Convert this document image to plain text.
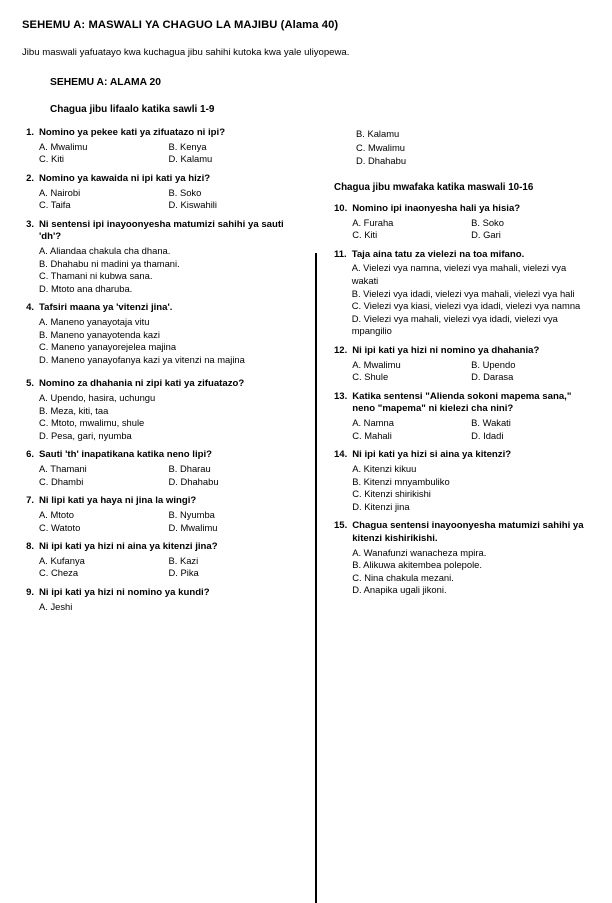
SEHEMU A: MASWALI YA CHAGUO LA MAJIBU (Alama 40)
Jibu maswali yafuatayo kwa kuchagua jibu sahihi kutoka kwa yale uliyopewa.
SEHEMU A: ALAMA 20
Chagua jibu lifaalo katika sawli 1-9
1. Nomino ya pekee kati ya zifuatazo ni ipi?
A. Mwalimu	B. Kenya
C. Kiti	D. Kalamu
2. Nomino ya kawaida ni ipi kati ya hizi?
A. Nairobi	B. Soko
C. Taifa	D. Kiswahili
3. Ni sentensi ipi inayoonyesha matumizi sahihi ya sauti 'dh'?
A. Aliandaa chakula cha dhana.
B. Dhahabu ni madini ya thamani.
C. Thamani ni kubwa sana.
D. Mtoto ana dharuba.
4. Tafsiri maana ya 'vitenzi jina'.
A. Maneno yanayotaja vitu
B. Maneno yanayotenda kazi
C. Maneno yanayorejelea majina
D. Maneno yanayofanya kazi ya vitenzi na majina
5. Nomino za dhahania ni zipi kati ya zifuatazo?
A. Upendo, hasira, uchungu
B. Meza, kiti, taa
C. Mtoto, mwalimu, shule
D. Pesa, gari, nyumba
6. Sauti 'th' inapatikana katika neno lipi?
A. Thamani	B. Dharau
C. Dhambi	D. Dhahabu
7. Ni lipi kati ya haya ni jina la wingi?
A. Mtoto	B. Nyumba
C. Watoto	D. Mwalimu
8. Ni ipi kati ya hizi ni aina ya kitenzi jina?
A. Kufanya	B. Kazi
C. Cheza	D. Pika
9. Ni ipi kati ya hizi ni nomino ya kundi?
A. Jeshi
B. Kalamu
C. Mwalimu
D. Dhahabu
Chagua jibu mwafaka katika maswali 10-16
10. Nomino ipi inaonyesha hali ya hisia?
A. Furaha	B. Soko
C. Kiti	D. Gari
11. Taja aina tatu za vielezi na toa mifano.
A. Vielezi vya namna, vielezi vya mahali, vielezi vya wakati
B. Vielezi vya idadi, vielezi vya mahali, vielezi vya hali
C. Vielezi vya kiasi, vielezi vya idadi, vielezi vya namna
D. Vielezi vya mahali, vielezi vya idadi, vielezi vya mpangilio
12. Ni ipi kati ya hizi ni nomino ya dhahania?
A. Mwalimu	B. Upendo
C. Shule	D. Darasa
13. Katika sentensi "Alienda sokoni mapema sana," neno "mapema" ni kielezi cha nini?
A. Namna	B. Wakati
C. Mahali	D. Idadi
14. Ni ipi kati ya hizi si aina ya kitenzi?
A. Kitenzi kikuu
B. Kitenzi mnyambuliko
C. Kitenzi shirikishi
D. Kitenzi jina
15. Chagua sentensi inayoonyesha matumizi sahihi ya kitenzi kishirikishi.
A. Wanafunzi wanacheza mpira.
B. Alikuwa akitembea polepole.
C. Nina chakula mezani.
D. Anapika ugali jikoni.
